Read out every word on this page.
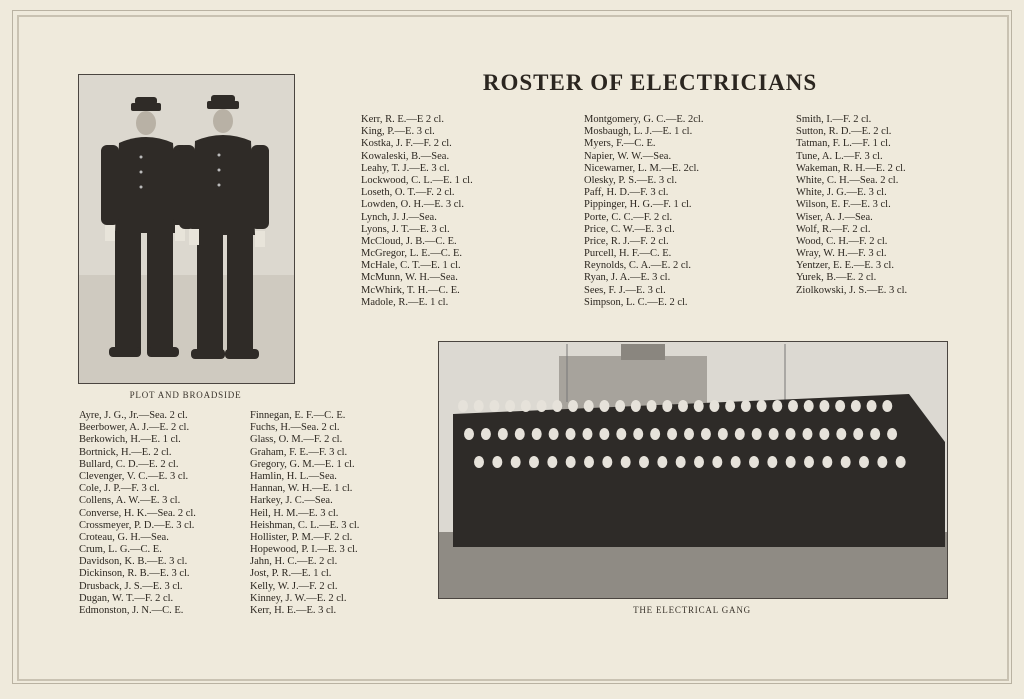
ROSTER OF ELECTRICIANS
PLOT AND BROADSIDE
THE ELECTRICAL GANG
Kerr, R. E.—E 2 cl.
King, P.—E. 3 cl.
Kostka, J. F.—F. 2 cl.
Kowaleski, B.—Sea.
Leahy, T. J.—E. 3 cl.
Lockwood, C. L.—E. 1 cl.
Loseth, O. T.—F. 2 cl.
Lowden, O. H.—E. 3 cl.
Lynch, J. J.—Sea.
Lyons, J. T.—E. 3 cl.
McCloud, J. B.—C. E.
McGregor, L. E.—C. E.
McHale, C. T.—E. 1 cl.
McMunn, W. H.—Sea.
McWhirk, T. H.—C. E.
Madole, R.—E. 1 cl.
Montgomery, G. C.—E. 2cl.
Mosbaugh, L. J.—E. 1 cl.
Myers, F.—C. E.
Napier, W. W.—Sea.
Nicewarner, L. M.—E. 2cl.
Olesky, P. S.—E. 3 cl.
Paff, H. D.—F. 3 cl.
Pippinger, H. G.—F. 1 cl.
Porte, C. C.—F. 2 cl.
Price, C. W.—E. 3 cl.
Price, R. J.—F. 2 cl.
Purcell, H. F.—C. E.
Reynolds, C. A.—E. 2 cl.
Ryan, J. A.—E. 3 cl.
Sees, F. J.—E. 3 cl.
Simpson, L. C.—E. 2 cl.
Smith, I.—F. 2 cl.
Sutton, R. D.—E. 2 cl.
Tatman, F. L.—F. 1 cl.
Tune, A. L.—F. 3 cl.
Wakeman, R. H.—E. 2 cl.
White, C. H.—Sea. 2 cl.
White, J. G.—E. 3 cl.
Wilson, E. F.—E. 3 cl.
Wiser, A. J.—Sea.
Wolf, R.—F. 2 cl.
Wood, C. H.—F. 2 cl.
Wray, W. H.—F. 3 cl.
Yentzer, E. E.—E. 3 cl.
Yurek, B.—E. 2 cl.
Ziolkowski, J. S.—E. 3 cl.
Ayre, J. G., Jr.—Sea. 2 cl.
Beerbower, A. J.—E. 2 cl.
Berkowich, H.—E. 1 cl.
Bortnick, H.—E. 2 cl.
Bullard, C. D.—E. 2 cl.
Clevenger, V. C.—E. 3 cl.
Cole, J. P.—F. 3 cl.
Collens, A. W.—E. 3 cl.
Converse, H. K.—Sea. 2 cl.
Crossmeyer, P. D.—E. 3 cl.
Croteau, G. H.—Sea.
Crum, L. G.—C. E.
Davidson, K. B.—E. 3 cl.
Dickinson, R. B.—E. 3 cl.
Drusback, J. S.—E. 3 cl.
Dugan, W. T.—F. 2 cl.
Edmonston, J. N.—C. E.
Finnegan, E. F.—C. E.
Fuchs, H.—Sea. 2 cl.
Glass, O. M.—F. 2 cl.
Graham, F. E.—F. 3 cl.
Gregory, G. M.—E. 1 cl.
Hamlin, H. L.—Sea.
Hannan, W. H.—E. 1 cl.
Harkey, J. C.—Sea.
Heil, H. M.—E. 3 cl.
Heishman, C. L.—E. 3 cl.
Hollister, P. M.—F. 2 cl.
Hopewood, P. I.—E. 3 cl.
Jahn, H. C.—E. 2 cl.
Jost, P. R.—E. 1 cl.
Kelly, W. J.—F. 2 cl.
Kinney, J. W.—E. 2 cl.
Kerr, H. E.—E. 3 cl.
